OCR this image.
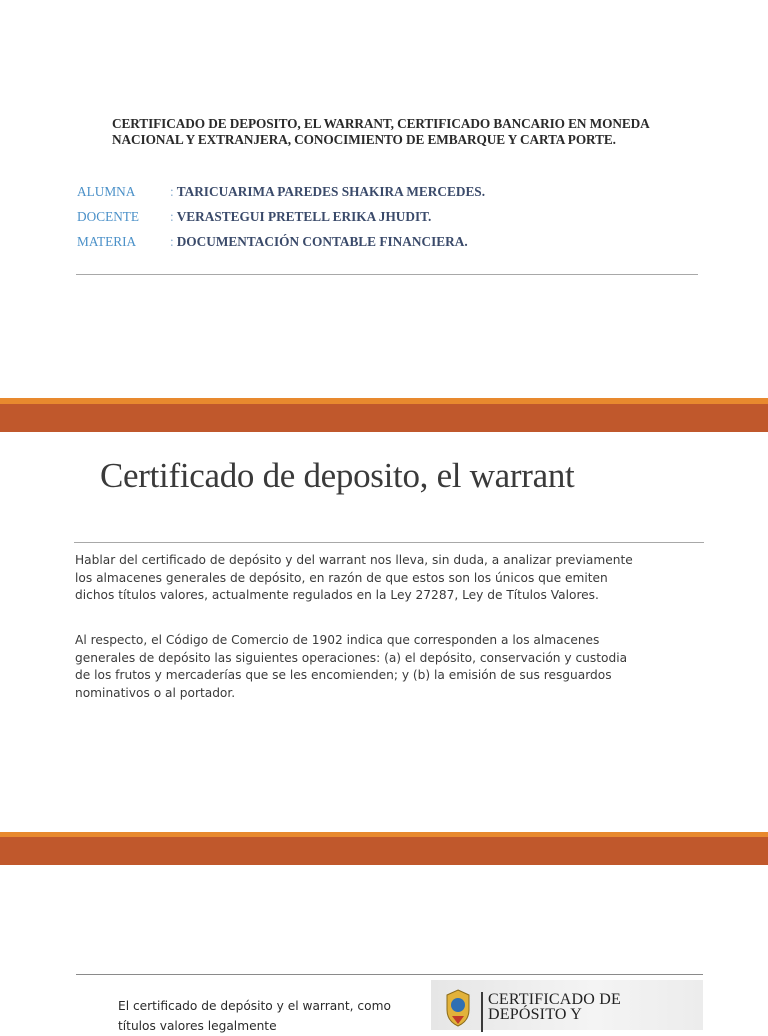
CERTIFICADO DE DEPOSITO, EL WARRANT, CERTIFICADO BANCARIO EN MONEDA NACIONAL Y EXTRANJERA, CONOCIMIENTO DE EMBARQUE Y CARTA PORTE.
ALUMNA	: TARICUARIMA PAREDES SHAKIRA MERCEDES.
DOCENTE : VERASTEGUI PRETELL ERIKA JHUDIT.
MATERIA	: DOCUMENTACIÓN CONTABLE FINANCIERA.
Certificado de deposito, el warrant

Hablar del certificado de depósito y del warrant nos lleva, sin duda, a analizar previamente los almacenes generales de depósito, en razón de que estos son los únicos que emiten dichos títulos valores, actualmente regulados en la Ley 27287, Ley de Títulos Valores.

Al respecto, el Código de Comercio de 1902 indica que corresponden a los almacenes generales de depósito las siguientes operaciones: (a) el depósito, conservación y custodia de los frutos y mercaderías que se les encomienden; y (b) la emisión de sus resguardos nominativos o al portador.

El certificado de depósito y el warrant, como títulos valores legalmente

CERTIFICADO DE DEPÓSITO Y
